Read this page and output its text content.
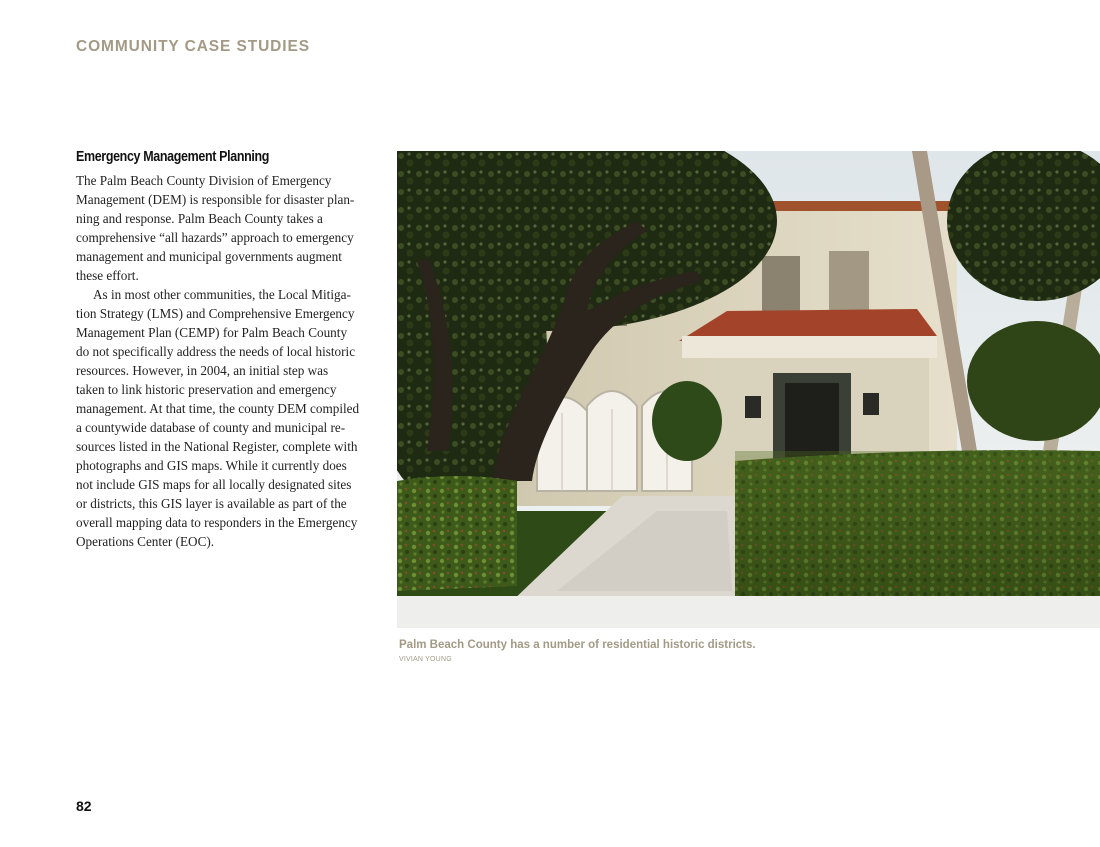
COMMUNITY CASE STUDIES
Emergency Management Planning
The Palm Beach County Division of Emergency
Management (DEM) is responsible for disaster plan-
ning and response. Palm Beach County takes a
comprehensive “all hazards” approach to emergency
management and municipal governments augment
these effort.
As in most other communities, the Local Mitiga-
tion Strategy (LMS) and Comprehensive Emergency
Management Plan (CEMP) for Palm Beach County
do not specifically address the needs of local historic
resources. However, in 2004, an initial step was
taken to link historic preservation and emergency
management. At that time, the county DEM compiled
a countywide database of county and municipal re-
sources listed in the National Register, complete with
photographs and GIS maps. While it currently does
not include GIS maps for all locally designated sites
or districts, this GIS layer is available as part of the
overall mapping data to responders in the Emergency
Operations Center (EOC).
Palm Beach County has a number of residential historic districts.
VIVIAN YOUNG
82
